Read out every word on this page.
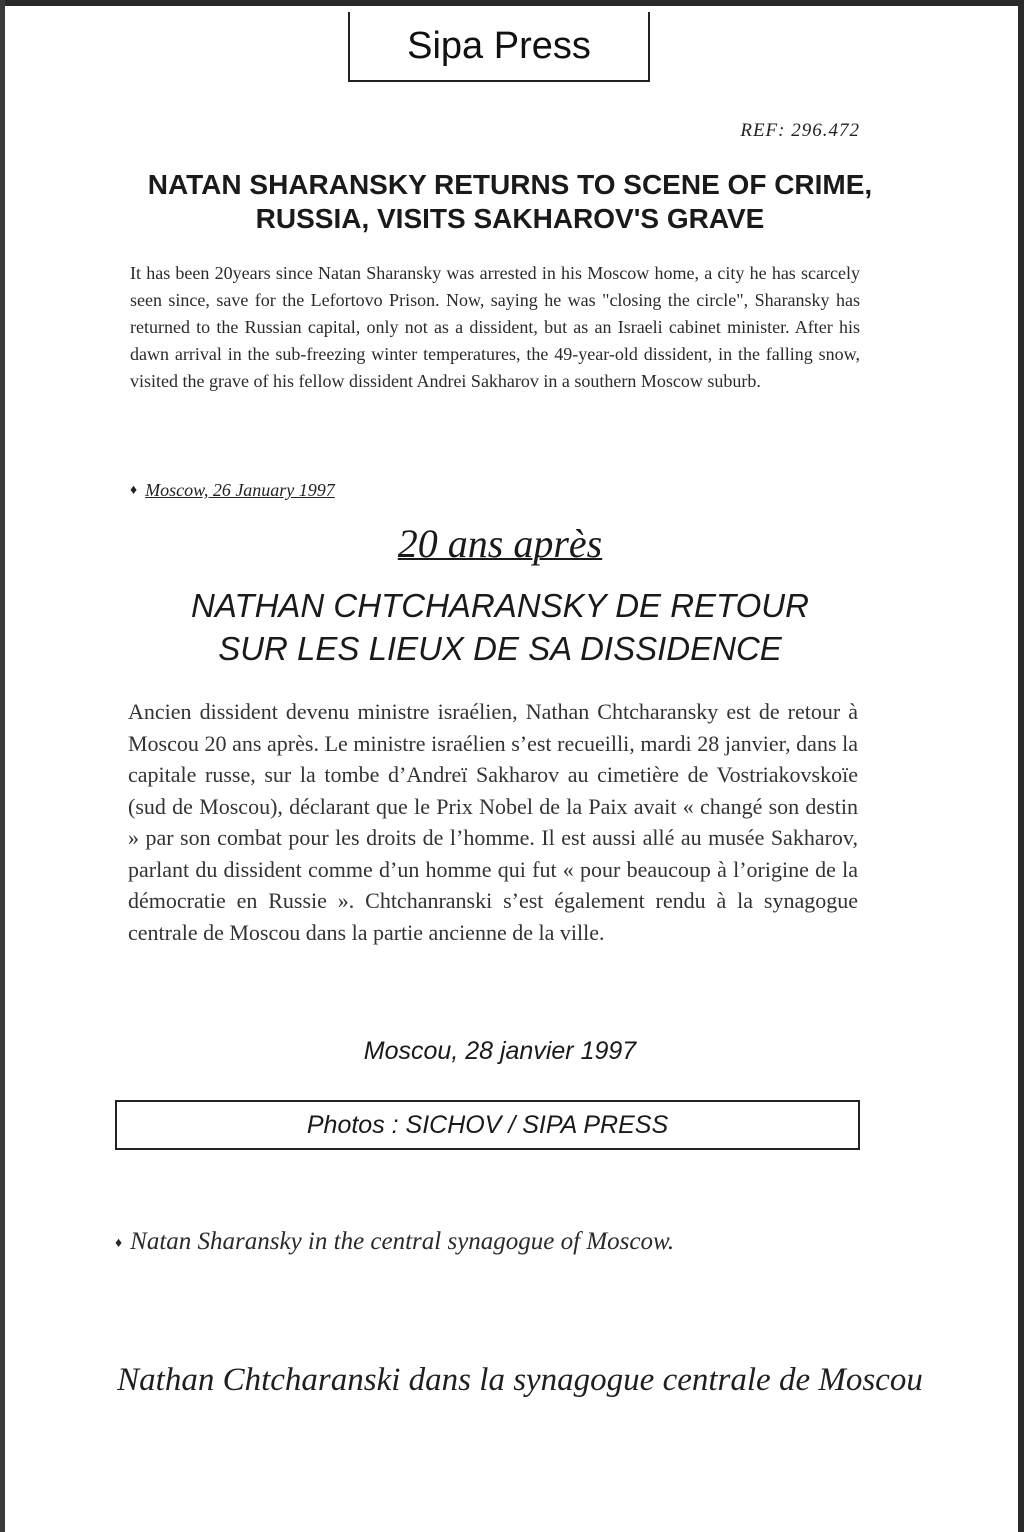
Sipa Press
REF: 296.472
NATAN SHARANSKY RETURNS TO SCENE OF CRIME, RUSSIA, VISITS SAKHAROV'S GRAVE
It has been 20years since Natan Sharansky was arrested in his Moscow home, a city he has scarcely seen since, save for the Lefortovo Prison. Now, saying he was "closing the circle", Sharansky has returned to the Russian capital, only not as a dissident, but as an Israeli cabinet minister. After his dawn arrival in the sub-freezing winter temperatures, the 49-year-old dissident, in the falling snow, visited the grave of his fellow dissident Andrei Sakharov in a southern Moscow suburb.
♦ Moscow, 26 January 1997
20 ans après
NATHAN CHTCHARANSKY DE RETOUR
SUR LES LIEUX DE SA DISSIDENCE
Ancien dissident devenu ministre israélien, Nathan Chtcharansky est de retour à Moscou 20 ans après. Le ministre israélien s’est recueilli, mardi 28 janvier, dans la capitale russe, sur la tombe d’Andreï Sakharov au cimetière de Vostriakovskoïe (sud de Moscou), déclarant que le Prix Nobel de la Paix avait « changé son destin » par son combat pour les droits de l’homme. Il est aussi allé au musée Sakharov, parlant du dissident comme d’un homme qui fut « pour beaucoup à l’origine de la démocratie en Russie ». Chtchanranski s’est également rendu à la synagogue centrale de Moscou dans la partie ancienne de la ville.
Moscou, 28 janvier 1997
Photos : SICHOV / SIPA PRESS
♦ Natan Sharansky in the central synagogue of Moscow.
Nathan Chtcharanski dans la synagogue centrale de Moscou
